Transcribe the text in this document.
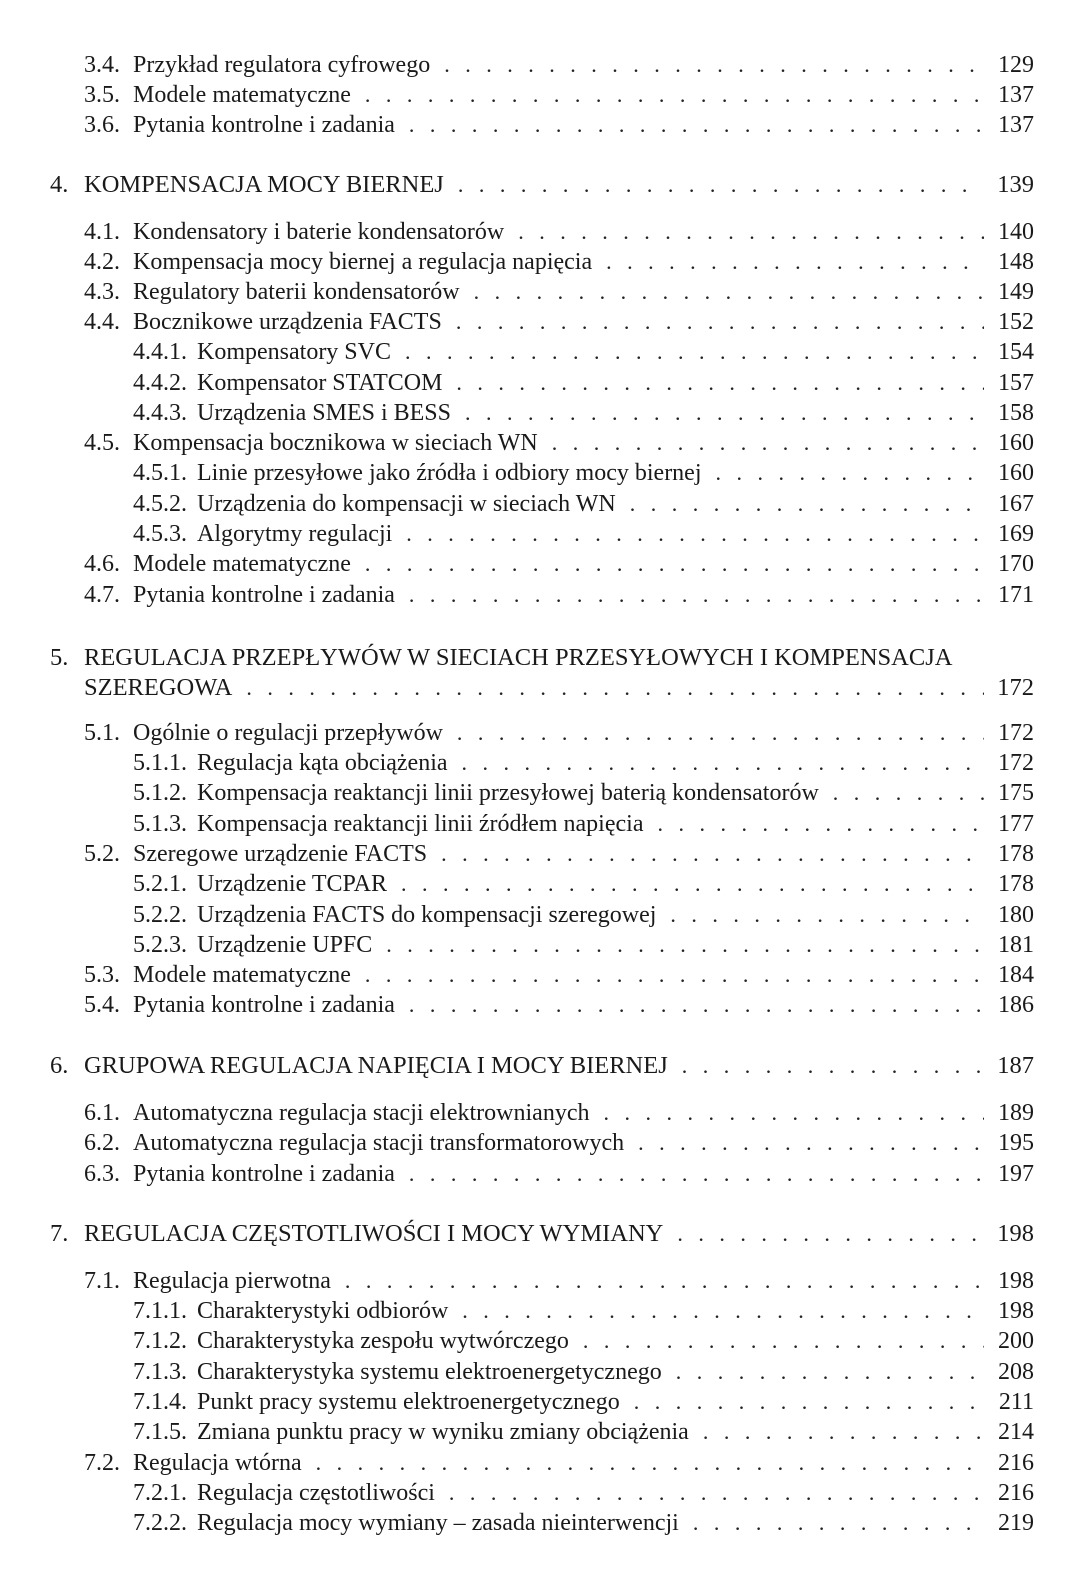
3.4. Przykład regulatora cyfrowego . . .	129
3.5. Modele matematyczne . . .	137
3.6. Pytania kontrolne i zadania . . .	137
4. KOMPENSACJA MOCY BIERNEJ . . .	139
4.1. Kondensatory i baterie kondensatorów . . .	140
4.2. Kompensacja mocy biernej a regulacja napięcia . . .	148
4.3. Regulatory baterii kondensatorów . . .	149
4.4. Bocznikowe urządzenia FACTS . . .	152
4.4.1. Kompensatory SVC . . .	154
4.4.2. Kompensator STATCOM . . .	157
4.4.3. Urządzenia SMES i BESS . . .	158
4.5. Kompensacja bocznikowa w sieciach WN . . .	160
4.5.1. Linie przesyłowe jako źródła i odbiory mocy biernej . . .	160
4.5.2. Urządzenia do kompensacji w sieciach WN . . .	167
4.5.3. Algorytmy regulacji . . .	169
4.6. Modele matematyczne . . .	170
4.7. Pytania kontrolne i zadania . . .	171
5. REGULACJA PRZEPŁYWÓW W SIECIACH PRZESYŁOWYCH I KOMPENSACJA
SZEREGOWA . . .	172
5.1. Ogólnie o regulacji przepływów . . .	172
5.1.1. Regulacja kąta obciążenia . . .	172
5.1.2. Kompensacja reaktancji linii przesyłowej baterią kondensatorów . . .	175
5.1.3. Kompensacja reaktancji linii źródłem napięcia . . .	177
5.2. Szeregowe urządzenie FACTS . . .	178
5.2.1. Urządzenie TCPAR . . .	178
5.2.2. Urządzenia FACTS do kompensacji szeregowej . . .	180
5.2.3. Urządzenie UPFC . . .	181
5.3. Modele matematyczne . . .	184
5.4. Pytania kontrolne i zadania . . .	186
6. GRUPOWA REGULACJA NAPIĘCIA I MOCY BIERNEJ . . .	187
6.1. Automatyczna regulacja stacji elektrownianych . . .	189
6.2. Automatyczna regulacja stacji transformatorowych . . .	195
6.3. Pytania kontrolne i zadania . . .	197
7. REGULACJA CZĘSTOTLIWOŚCI I MOCY WYMIANY . . .	198
7.1. Regulacja pierwotna . . .	198
7.1.1. Charakterystyki odbiorów . . .	198
7.1.2. Charakterystyka zespołu wytwórczego . . .	200
7.1.3. Charakterystyka systemu elektroenergetycznego . . .	208
7.1.4. Punkt pracy systemu elektroenergetycznego . . .	211
7.1.5. Zmiana punktu pracy w wyniku zmiany obciążenia . . .	214
7.2. Regulacja wtórna . . .	216
7.2.1. Regulacja częstotliwości . . .	216
7.2.2. Regulacja mocy wymiany – zasada nieinterwencji . . .	219
